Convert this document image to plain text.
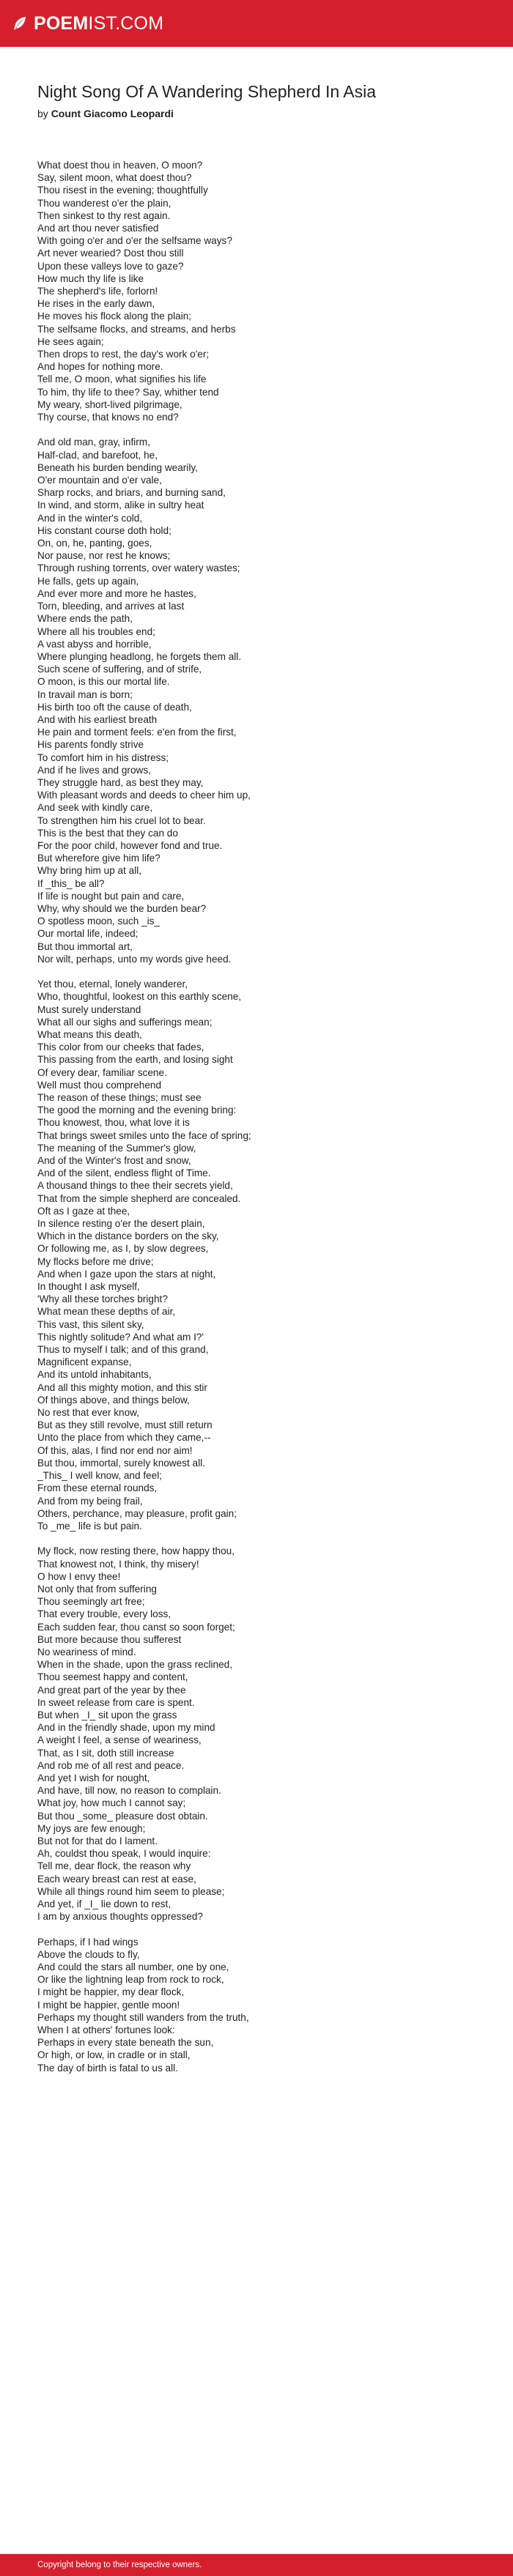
POEMIST.COM
Night Song Of A Wandering Shepherd In Asia
by Count Giacomo Leopardi
What doest thou in heaven, O moon?
Say, silent moon, what doest thou?
Thou risest in the evening; thoughtfully
Thou wanderest o'er the plain,
Then sinkest to thy rest again.
And art thou never satisfied
With going o'er and o'er the selfsame ways?
Art never wearied? Dost thou still
Upon these valleys love to gaze?
How much thy life is like
The shepherd's life, forlorn!
He rises in the early dawn,
He moves his flock along the plain;
The selfsame flocks, and streams, and herbs
He sees again;
Then drops to rest, the day's work o'er;
And hopes for nothing more.
Tell me, O moon, what signifies his life
To him, thy life to thee? Say, whither tend
My weary, short-lived pilgrimage,
Thy course, that knows no end?
And old man, gray, infirm,
Half-clad, and barefoot, he,
Beneath his burden bending wearily,
O'er mountain and o'er vale,
Sharp rocks, and briars, and burning sand,
In wind, and storm, alike in sultry heat
And in the winter's cold,
His constant course doth hold;
On, on, he, panting, goes,
Nor pause, nor rest he knows;
Through rushing torrents, over watery wastes;
He falls, gets up again,
And ever more and more he hastes,
Torn, bleeding, and arrives at last
Where ends the path,
Where all his troubles end;
A vast abyss and horrible,
Where plunging headlong, he forgets them all.
Such scene of suffering, and of strife,
O moon, is this our mortal life.
In travail man is born;
His birth too oft the cause of death,
And with his earliest breath
He pain and torment feels: e'en from the first,
His parents fondly strive
To comfort him in his distress;
And if he lives and grows,
They struggle hard, as best they may,
With pleasant words and deeds to cheer him up,
And seek with kindly care,
To strengthen him his cruel lot to bear.
This is the best that they can do
For the poor child, however fond and true.
But wherefore give him life?
Why bring him up at all,
If _this_ be all?
If life is nought but pain and care,
Why, why should we the burden bear?
O spotless moon, such _is_
Our mortal life, indeed;
But thou immortal art,
Nor wilt, perhaps, unto my words give heed.
Yet thou, eternal, lonely wanderer,
Who, thoughtful, lookest on this earthly scene,
Must surely understand
What all our sighs and sufferings mean;
What means this death,
This color from our cheeks that fades,
This passing from the earth, and losing sight
Of every dear, familiar scene.
Well must thou comprehend
The reason of these things; must see
The good the morning and the evening bring:
Thou knowest, thou, what love it is
That brings sweet smiles unto the face of spring;
The meaning of the Summer's glow,
And of the Winter's frost and snow,
And of the silent, endless flight of Time.
A thousand things to thee their secrets yield,
That from the simple shepherd are concealed.
Oft as I gaze at thee,
In silence resting o'er the desert plain,
Which in the distance borders on the sky,
Or following me, as I, by slow degrees,
My flocks before me drive;
And when I gaze upon the stars at night,
In thought I ask myself,
'Why all these torches bright?
What mean these depths of air,
This vast, this silent sky,
This nightly solitude? And what am I?'
Thus to myself I talk; and of this grand,
Magnificent expanse,
And its untold inhabitants,
And all this mighty motion, and this stir
Of things above, and things below,
No rest that ever know,
But as they still revolve, must still return
Unto the place from which they came,--
Of this, alas, I find nor end nor aim!
But thou, immortal, surely knowest all.
_This_ I well know, and feel;
From these eternal rounds,
And from my being frail,
Others, perchance, may pleasure, profit gain;
To _me_ life is but pain.
My flock, now resting there, how happy thou,
That knowest not, I think, thy misery!
O how I envy thee!
Not only that from suffering
Thou seemingly art free;
That every trouble, every loss,
Each sudden fear, thou canst so soon forget;
But more because thou sufferest
No weariness of mind.
When in the shade, upon the grass reclined,
Thou seemest happy and content,
And great part of the year by thee
In sweet release from care is spent.
But when _I_ sit upon the grass
And in the friendly shade, upon my mind
A weight I feel, a sense of weariness,
That, as I sit, doth still increase
And rob me of all rest and peace.
And yet I wish for nought,
And have, till now, no reason to complain.
What joy, how much I cannot say;
But thou _some_ pleasure dost obtain.
My joys are few enough;
But not for that do I lament.
Ah, couldst thou speak, I would inquire:
Tell me, dear flock, the reason why
Each weary breast can rest at ease,
While all things round him seem to please;
And yet, if _I_ lie down to rest,
I am by anxious thoughts oppressed?
Perhaps, if I had wings
Above the clouds to fly,
And could the stars all number, one by one,
Or like the lightning leap from rock to rock,
I might be happier, my dear flock,
I might be happier, gentle moon!
Perhaps my thought still wanders from the truth,
When I at others' fortunes look:
Perhaps in every state beneath the sun,
Or high, or low, in cradle or in stall,
The day of birth is fatal to us all.
Copyright belong to their respective owners.
